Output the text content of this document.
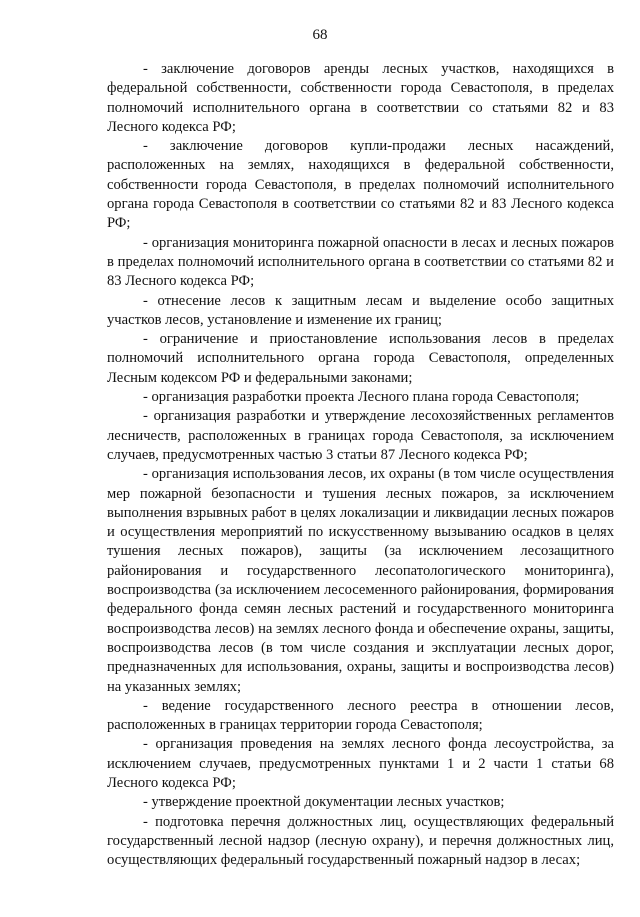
68

- заключение договоров аренды лесных участков, находящихся в федеральной собственности, собственности города Севастополя, в пределах полномочий исполнительного органа в соответствии со статьями 82 и 83 Лесного кодекса РФ;

- заключение договоров купли-продажи лесных насаждений, расположенных на землях, находящихся в федеральной собственности, собственности города Севастополя, в пределах полномочий исполнительного органа города Севастополя в соответствии со статьями 82 и 83 Лесного кодекса РФ;

- организация мониторинга пожарной опасности в лесах и лесных пожаров в пределах полномочий исполнительного органа в соответствии со статьями 82 и 83 Лесного кодекса РФ;

- отнесение лесов к защитным лесам и выделение особо защитных участков лесов, установление и изменение их границ;

- ограничение и приостановление использования лесов в пределах полномочий исполнительного органа города Севастополя, определенных Лесным кодексом РФ и федеральными законами;

- организация разработки проекта Лесного плана города Севастополя;

- организация разработки и утверждение лесохозяйственных регламентов лесничеств, расположенных в границах города Севастополя, за исключением случаев, предусмотренных частью 3 статьи 87 Лесного кодекса РФ;

- организация использования лесов, их охраны (в том числе осуществления мер пожарной безопасности и тушения лесных пожаров, за исключением выполнения взрывных работ в целях локализации и ликвидации лесных пожаров и осуществления мероприятий по искусственному вызыванию осадков в целях тушения лесных пожаров), защиты (за исключением лесозащитного районирования и государственного лесопатологического мониторинга), воспроизводства (за исключением лесосеменного районирования, формирования федерального фонда семян лесных растений и государственного мониторинга воспроизводства лесов) на землях лесного фонда и обеспечение охраны, защиты, воспроизводства лесов (в том числе создания и эксплуатации лесных дорог, предназначенных для использования, охраны, защиты и воспроизводства лесов) на указанных землях;

- ведение государственного лесного реестра в отношении лесов, расположенных в границах территории города Севастополя;

- организация проведения на землях лесного фонда лесоустройства, за исключением случаев, предусмотренных пунктами 1 и 2 части 1 статьи 68 Лесного кодекса РФ;

- утверждение проектной документации лесных участков;

- подготовка перечня должностных лиц, осуществляющих федеральный государственный лесной надзор (лесную охрану), и перечня должностных лиц, осуществляющих федеральный государственный пожарный надзор в лесах;
